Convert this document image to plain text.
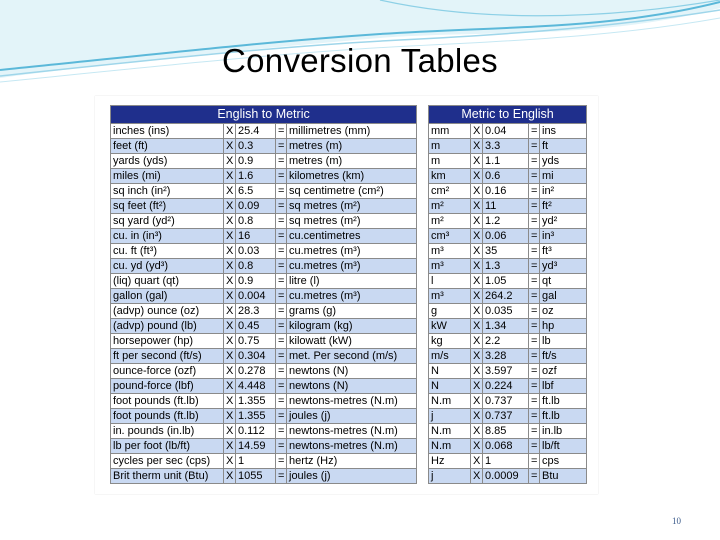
Conversion Tables
English to Metric				
inches (ins)	X	25.4	=	millimetres (mm)
feet (ft)	X	0.3	=	metres (m)
yards (yds)	X	0.9	=	metres (m)
miles (mi)	X	1.6	=	kilometres (km)
sq inch (in²)	X	6.5	=	sq centimetre (cm²)
sq feet (ft²)	X	0.09	=	sq metres (m²)
sq yard (yd²)	X	0.8	=	sq metres (m²)
cu. in (in³)	X	16	=	cu.centimetres
cu. ft (ft³)	X	0.03	=	cu.metres (m³)
cu. yd (yd³)	X	0.8	=	cu.metres (m³)
(liq) quart (qt)	X	0.9	=	litre (l)
gallon (gal)	X	0.004	=	cu.metres (m³)
(advp) ounce (oz)	X	28.3	=	grams (g)
(advp) pound (lb)	X	0.45	=	kilogram (kg)
horsepower (hp)	X	0.75	=	kilowatt (kW)
ft per second (ft/s)	X	0.304	=	met. Per second (m/s)
ounce-force (ozf)	X	0.278	=	newtons (N)
pound-force (lbf)	X	4.448	=	newtons (N)
foot pounds (ft.lb)	X	1.355	=	newtons-metres (N.m)
foot pounds (ft.lb)	X	1.355	=	joules (j)
in. pounds (in.lb)	X	0.112	=	newtons-metres (N.m)
lb per foot (lb/ft)	X	14.59	=	newtons-metres (N.m)
cycles per sec (cps)	X	1	=	hertz (Hz)
Brit therm unit (Btu)	X	1055	=	joules (j)
Metric to English				
mm	X	0.04	=	ins
m	X	3.3	=	ft
m	X	1.1	=	yds
km	X	0.6	=	mi
cm²	X	0.16	=	in²
m²	X	11	=	ft²
m²	X	1.2	=	yd²
cm³	X	0.06	=	in³
m³	X	35	=	ft³
m³	X	1.3	=	yd³
l	X	1.05	=	qt
m³	X	264.2	=	gal
g	X	0.035	=	oz
kW	X	1.34	=	hp
kg	X	2.2	=	lb
m/s	X	3.28	=	ft/s
N	X	3.597	=	ozf
N	X	0.224	=	lbf
N.m	X	0.737	=	ft.lb
j	X	0.737	=	ft.lb
N.m	X	8.85	=	in.lb
N.m	X	0.068	=	lb/ft
Hz	X	1	=	cps
j	X	0.0009	=	Btu
10
